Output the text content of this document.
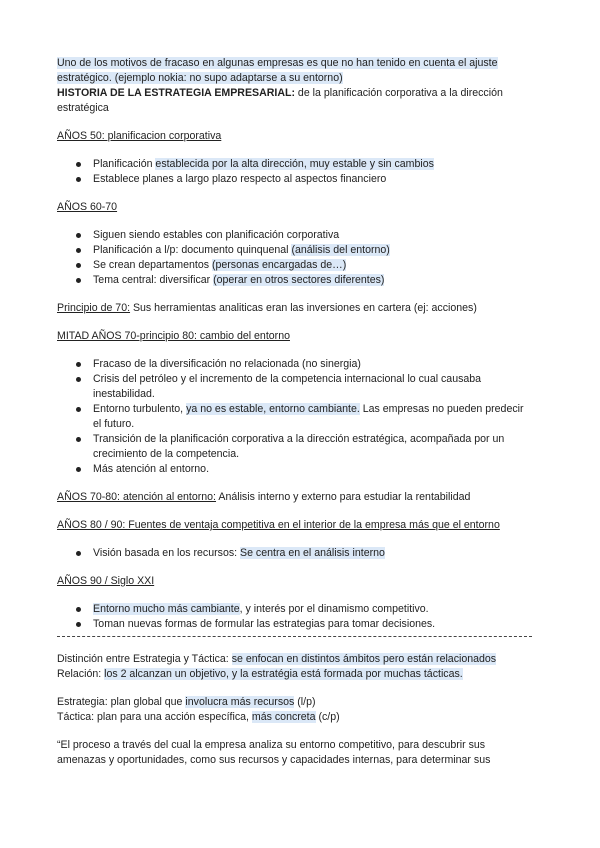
Uno de los motivos de fracaso en algunas empresas es que no han tenido en cuenta el ajuste estratégico. (ejemplo nokia: no supo adaptarse a su entorno)

HISTORIA DE LA ESTRATEGIA EMPRESARIAL: de la planificación corporativa a la dirección estratégica

AÑOS 50: planificacion corporativa

Planificación establecida por la alta dirección, muy estable y sin cambios
Establece planes a largo plazo respecto al aspectos financiero

AÑOS 60-70

Siguen siendo estables con planificación corporativa
Planificación a l/p: documento quinquenal (análisis del entorno)
Se crean departamentos (personas encargadas de…)
Tema central: diversificar (operar en otros sectores diferentes)

Principio de 70: Sus herramientas analiticas eran las inversiones en cartera (ej: acciones)

MITAD AÑOS 70-principio 80: cambio del entorno

Fracaso de la diversificación no relacionada (no sinergia)
Crisis del petróleo y el incremento de la competencia internacional lo cual causaba inestabilidad.
Entorno turbulento, ya no es estable, entorno cambiante. Las empresas no pueden predecir el futuro.
Transición de la planificación corporativa a la dirección estratégica, acompañada por un crecimiento de la competencia.
Más atención al entorno.

AÑOS 70-80: atención al entorno: Análisis interno y externo para estudiar la rentabilidad

AÑOS 80 / 90: Fuentes de ventaja competitiva en el interior de la empresa más que el entorno

Visión basada en los recursos: Se centra en el análisis interno

AÑOS 90 / Siglo XXI

Entorno mucho más cambiante, y interés por el dinamismo competitivo.
Toman nuevas formas de formular las estrategias para tomar decisiones.

Distinción entre Estrategia y Táctica: se enfocan en distintos ámbitos pero están relacionados

Relación: los 2 alcanzan un objetivo, y la estratégia está formada por muchas tácticas.

Estrategia: plan global que involucra más recursos (l/p)

Táctica: plan para una acción específica, más concreta (c/p)

“El proceso a través del cual la empresa analiza su entorno competitivo, para descubrir sus amenazas y oportunidades, como sus recursos y capacidades internas, para determinar sus
